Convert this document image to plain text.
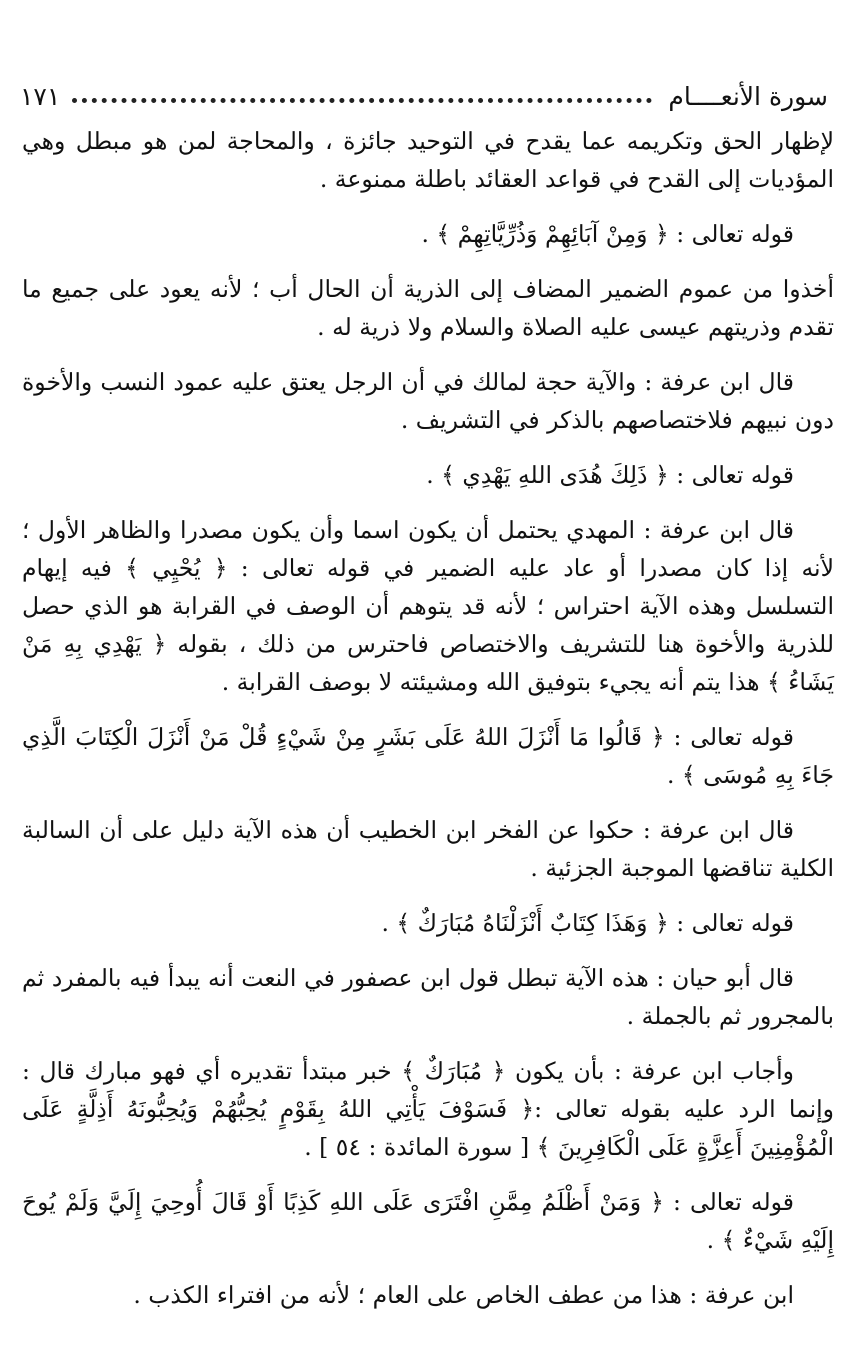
سورة الأنعــــام
١٧١

لإظهار الحق وتكريمه عما يقدح في التوحيد جائزة ، والمحاجة لمن هو مبطل وهي المؤديات إلى القدح في قواعد العقائد باطلة ممنوعة .

قوله تعالى : ﴿ وَمِنْ آبَائِهِمْ وَذُرِّيَّاتِهِمْ ﴾ .

أخذوا من عموم الضمير المضاف إلى الذرية أن الحال أب ؛ لأنه يعود على جميع ما تقدم وذريتهم عيسى عليه الصلاة والسلام ولا ذرية له .

قال ابن عرفة : والآية حجة لمالك في أن الرجل يعتق عليه عمود النسب والأخوة دون نبيهم فلاختصاصهم بالذكر في التشريف .

قوله تعالى : ﴿ ذَلِكَ هُدَى اللهِ يَهْدِي ﴾ .

قال ابن عرفة : المهدي يحتمل أن يكون اسما وأن يكون مصدرا والظاهر الأول ؛ لأنه إذا كان مصدرا أو عاد عليه الضمير في قوله تعالى : ﴿ يُحْيِي ﴾ فيه إيهام التسلسل وهذه الآية احتراس ؛ لأنه قد يتوهم أن الوصف في القرابة هو الذي حصل للذرية والأخوة هنا للتشريف والاختصاص فاحترس من ذلك ، بقوله ﴿ يَهْدِي بِهِ مَنْ يَشَاءُ ﴾ هذا يتم أنه يجيء بتوفيق الله ومشيئته لا بوصف القرابة .

قوله تعالى : ﴿ قَالُوا مَا أَنْزَلَ اللهُ عَلَى بَشَرٍ مِنْ شَيْءٍ قُلْ مَنْ أَنْزَلَ الْكِتَابَ الَّذِي جَاءَ بِهِ مُوسَى ﴾ .

قال ابن عرفة : حكوا عن الفخر ابن الخطيب أن هذه الآية دليل على أن السالبة الكلية تناقضها الموجبة الجزئية .

قوله تعالى : ﴿ وَهَذَا كِتَابٌ أَنْزَلْنَاهُ مُبَارَكٌ ﴾ .

قال أبو حيان : هذه الآية تبطل قول ابن عصفور في النعت أنه يبدأ فيه بالمفرد ثم بالمجرور ثم بالجملة .

وأجاب ابن عرفة : بأن يكون ﴿ مُبَارَكٌ ﴾ خبر مبتدأ تقديره أي فهو مبارك قال : وإنما الرد عليه بقوله تعالى :﴿ فَسَوْفَ يَأْتِي اللهُ بِقَوْمٍ يُحِبُّهُمْ وَيُحِبُّونَهُ أَذِلَّةٍ عَلَى الْمُؤْمِنِينَ أَعِزَّةٍ عَلَى الْكَافِرِينَ ﴾ [ سورة المائدة : ٥٤ ] .

قوله تعالى : ﴿ وَمَنْ أَظْلَمُ مِمَّنِ افْتَرَى عَلَى اللهِ كَذِبًا أَوْ قَالَ أُوحِيَ إِلَيَّ وَلَمْ يُوحَ إِلَيْهِ شَيْءٌ ﴾ .

ابن عرفة : هذا من عطف الخاص على العام ؛ لأنه من افتراء الكذب .
